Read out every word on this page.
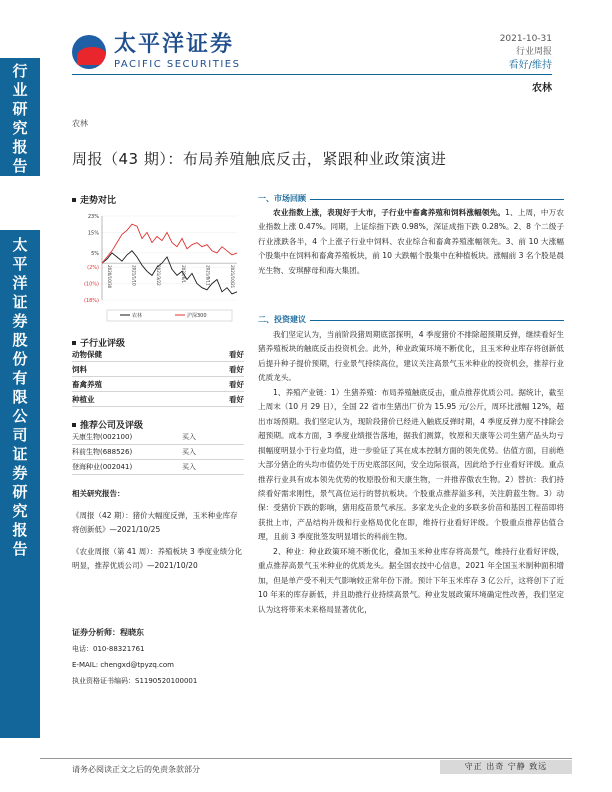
行
业
研
究
报
告
太
平
洋
证
券
股
份
有
限
公
司
证
券
研
究
报
告
太平洋证券
PACIFIC SECURITIES
2021-10-31
行业周报
看好/维持
农林
农林
周报（43 期）：布局养殖触底反击，紧跟种业政策演进
走势对比
23%
15%
5%
(2%)
(10%)
(18%)
2020/10/30	2021/1/10	2021/3/22	2021/6/1	2021/8/11	2021/10/21
农林	沪深300
子行业评级
动物保健	看好
饲料	看好
畜禽养殖	看好
种植业	看好
推荐公司及评级
天康生物(002100)	买入
科前生物(688526)	买入
登海种业(002041)	买入

相关研究报告：

《周报（42 期）：猪价大幅度反弹，玉米种业库存将创新低》—2021/10/25

《农业周报（第 41 周）：养殖板块 3 季度业绩分化明显，推荐优质公司》—2021/10/20

证券分析师：程晓东
电话：010-88321761
E-MAIL: chengxd@tpyzq.com
执业资格证书编码：S1190520100001
一、市场回顾
农业指数上涨，表现好于大市，子行业中畜禽养殖和饲料涨幅领先。1、上周，中万农业指数上涨 0.47%。同期，上证综指下跌 0.98%，深证成指下跌 0.28%。2、8 个二级子行业涨跌各半，4 个上涨子行业中饲料、农业综合和畜禽养殖涨幅领先。3、前 10 大涨幅个股集中在饲料和畜禽养殖板块，前 10 大跌幅个股集中在种植板块。涨幅前 3 名个股是晨光生物、安琪酵母和海大集团。
二、投资建议
我们坚定认为，当前阶段猪周期底部探明，4 季度猪价不排除超预期反弹，继续看好生猪养殖板块的触底反击投资机会。此外，种业政策环境不断优化，且玉米种业库存将创新低后提升种子提价预期，行业景气持续高位，建议关注高景气玉米种业的投资机会，推荐行业优质龙头。
1、养殖产业链：1）生猪养殖：布局养殖触底反击，重点推荐优质公司。据统计，截至上周末（10 月 29 日），全国 22 省市生猪出厂价为 15.95 元/公斤，周环比涨幅 12%，超出市场预期。我们坚定认为，现阶段猪价已经进入触底反弹时期，4 季度反弹力度不排除会超预期。成本方面，3 季度业绩报告落地，据我们测算，牧原和天康等公司生猪产品头均亏损幅度明显小于行业均值，进一步验证了其在成本控制方面的领先优势。估值方面，目前绝大部分猪企的头均市值仍处于历史底部区间，安全边际很高，因此给予行业看好评级。重点推荐行业具有成本领先优势的牧原股份和天康生物，一并推荐傲农生物。2）替抗：我们持续看好需求刚性，景气高位运行的替抗板块。个股重点推荐溢多利，关注蔚蓝生物。3）动保：受猪价下跌的影响，猪用疫苗景气承压。多家龙头企业的多联多价苗和基因工程苗即将获批上市，产品结构升级和行业格局优化在即，维持行业看好评级。个股重点推荐估值合理，且前 3 季度批签发明显增长的科前生物。
2、种业：种业政策环境不断优化，叠加玉米种业库存将高景气，维持行业看好评级，重点推荐高景气玉米种业的优质龙头。据全国农技中心信息，2021 年全国玉米制种面积增加，但是单产受不利天气影响较正常年份下滑。预计下年玉米库存 3 亿公斤，这将创下了近 10 年来的库存新低，并且助推行业持续高景气。种业发展政策环境确定性改善，我们坚定认为这将带来未来格局显著优化，
请务必阅读正文之后的免责条款部分	守正 出奇 宁静 致远
